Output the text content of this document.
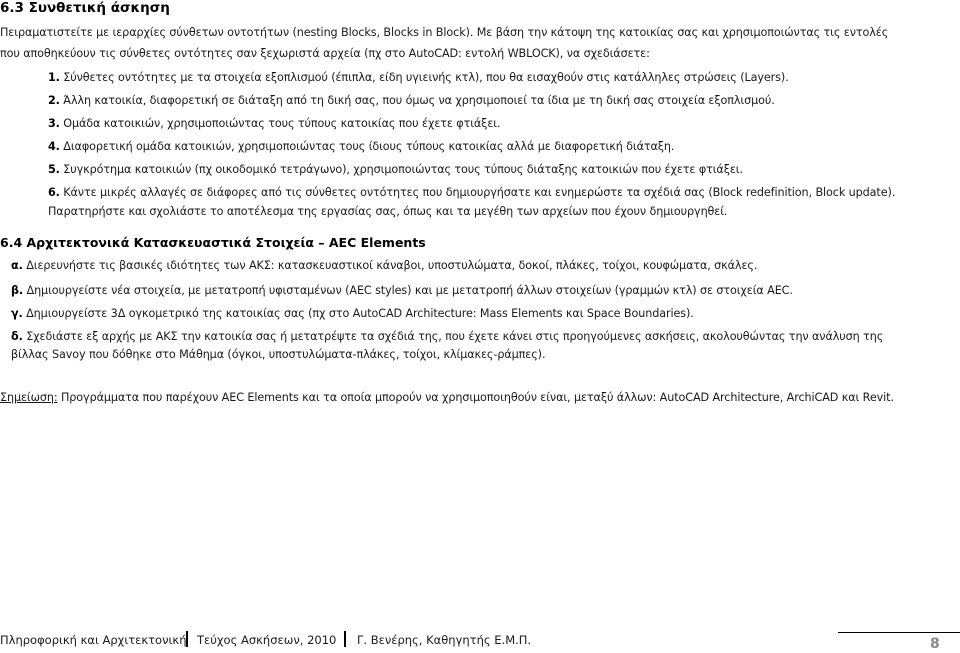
6.3 Συνθετική άσκηση
Πειραματιστείτε με ιεραρχίες σύνθετων οντοτήτων (nesting Blocks, Blocks in Block). Με βάση την κάτοψη της κατοικίας σας και χρησιμοποιώντας τις εντολές
που αποθηκεύουν τις σύνθετες οντότητες σαν ξεχωριστά αρχεία (πχ στο AutoCAD: εντολή WBLOCK), να σχεδιάσετε:
1. Σύνθετες οντότητες με τα στοιχεία εξοπλισμού (έπιπλα, είδη υγιεινής κτλ), που θα εισαχθούν στις κατάλληλες στρώσεις (Layers).
2. Άλλη κατοικία, διαφορετική σε διάταξη από τη δική σας, που όμως να χρησιμοποιεί τα ίδια με τη δική σας στοιχεία εξοπλισμού.
3. Ομάδα κατοικιών, χρησιμοποιώντας τους τύπους κατοικίας που έχετε φτιάξει.
4. Διαφορετική ομάδα κατοικιών, χρησιμοποιώντας τους ίδιους τύπους κατοικίας αλλά με διαφορετική διάταξη.
5. Συγκρότημα κατοικιών (πχ οικοδομικό τετράγωνο), χρησιμοποιώντας τους τύπους διάταξης κατοικιών που έχετε φτιάξει.
6. Κάντε μικρές αλλαγές σε διάφορες από τις σύνθετες οντότητες που δημιουργήσατε και ενημερώστε τα σχέδιά σας (Block redefinition, Block update).
Παρατηρήστε και σχολιάστε το αποτέλεσμα της εργασίας σας, όπως και τα μεγέθη των αρχείων που έχουν δημιουργηθεί.
6.4 Αρχιτεκτονικά Κατασκευαστικά Στοιχεία – AEC Elements
α. Διερευνήστε τις βασικές ιδιότητες των ΑΚΣ: κατασκευαστικοί κάναβοι, υποστυλώματα, δοκοί, πλάκες, τοίχοι, κουφώματα, σκάλες.
β. Δημιουργείστε νέα στοιχεία, με μετατροπή υφισταμένων (AEC styles) και με μετατροπή άλλων στοιχείων (γραμμών κτλ) σε στοιχεία AEC.
γ. Δημιουργείστε 3Δ ογκομετρικό της κατοικίας σας (πχ στο AutoCAD Architecture: Mass Elements και Space Boundaries).
δ. Σχεδιάστε εξ αρχής με ΑΚΣ την κατοικία σας ή μετατρέψτε τα σχέδιά της, που έχετε κάνει στις προηγούμενες ασκήσεις, ακολουθώντας την ανάλυση της
βίλλας Savoy που δόθηκε στο Μάθημα (όγκοι, υποστυλώματα-πλάκες, τοίχοι, κλίμακες-ράμπες).
Σημείωση: Προγράμματα που παρέχουν AEC Elements και τα οποία μπορούν να χρησιμοποιηθούν είναι, μεταξύ άλλων: AutoCAD Architecture, ArchiCAD και Revit.
Πληροφορική και Αρχιτεκτονική Τεύχος Ασκήσεων, 2010 Γ. Βενέρης, Καθηγητής Ε.Μ.Π.	8
